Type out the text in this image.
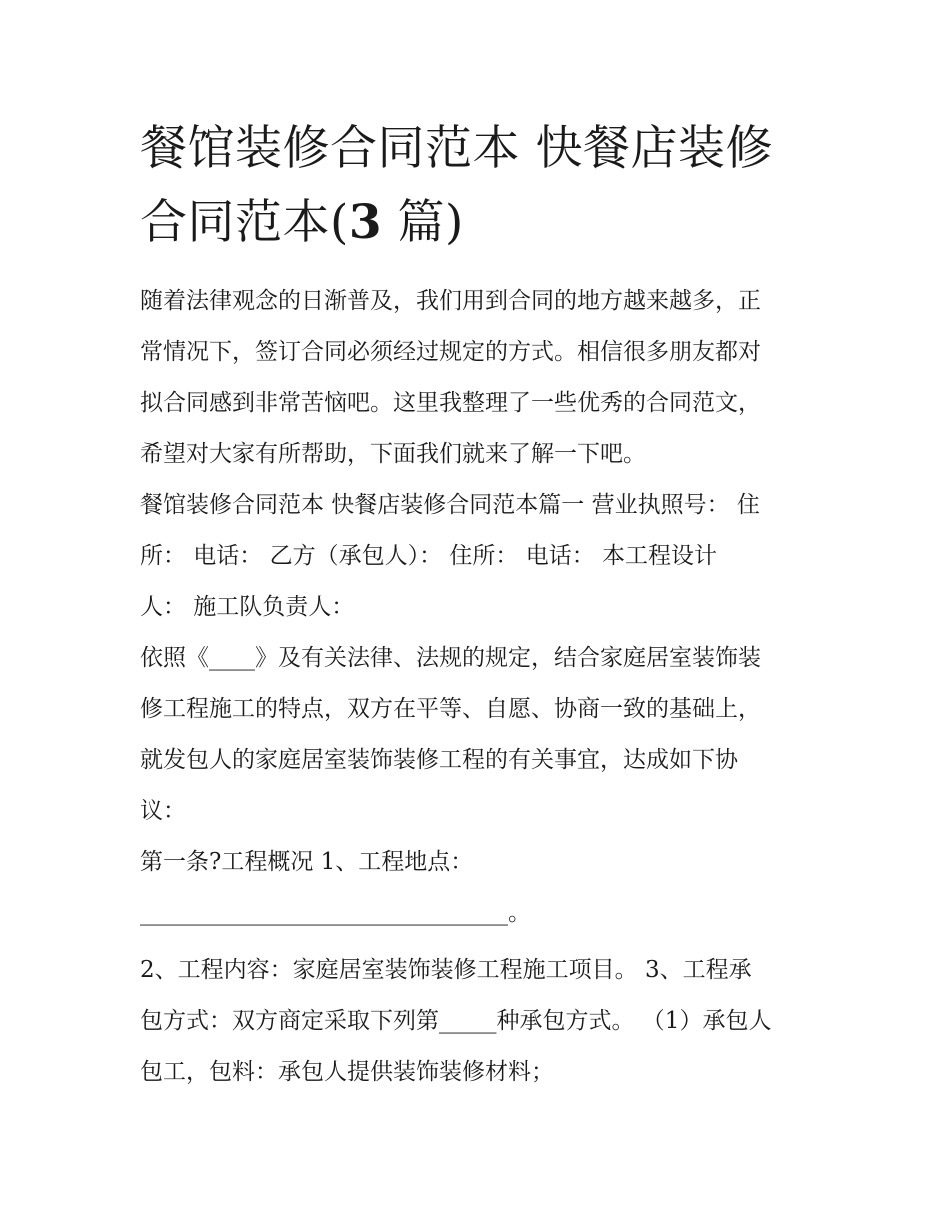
餐馆装修合同范本 快餐店装修
合同范本(3 篇)
随着法律观念的日渐普及，我们用到合同的地方越来越多，正
常情况下，签订合同必须经过规定的方式。相信很多朋友都对
拟合同感到非常苦恼吧。这里我整理了一些优秀的合同范文，
希望对大家有所帮助，下面我们就来了解一下吧。
餐馆装修合同范本 快餐店装修合同范本篇一 营业执照号： 住
所： 电话： 乙方（承包人）： 住所： 电话： 本工程设计
人： 施工队负责人：
依照《____》及有关法律、法规的规定，结合家庭居室装饰装
修工程施工的特点，双方在平等、自愿、协商一致的基础上，
就发包人的家庭居室装饰装修工程的有关事宜，达成如下协
议：
第一条?工程概况 1、工程地点：
________________________________。
2、工程内容：家庭居室装饰装修工程施工项目。 3、工程承
包方式：双方商定采取下列第_____种承包方式。 （1）承包人
包工，包料：承包人提供装饰装修材料；
